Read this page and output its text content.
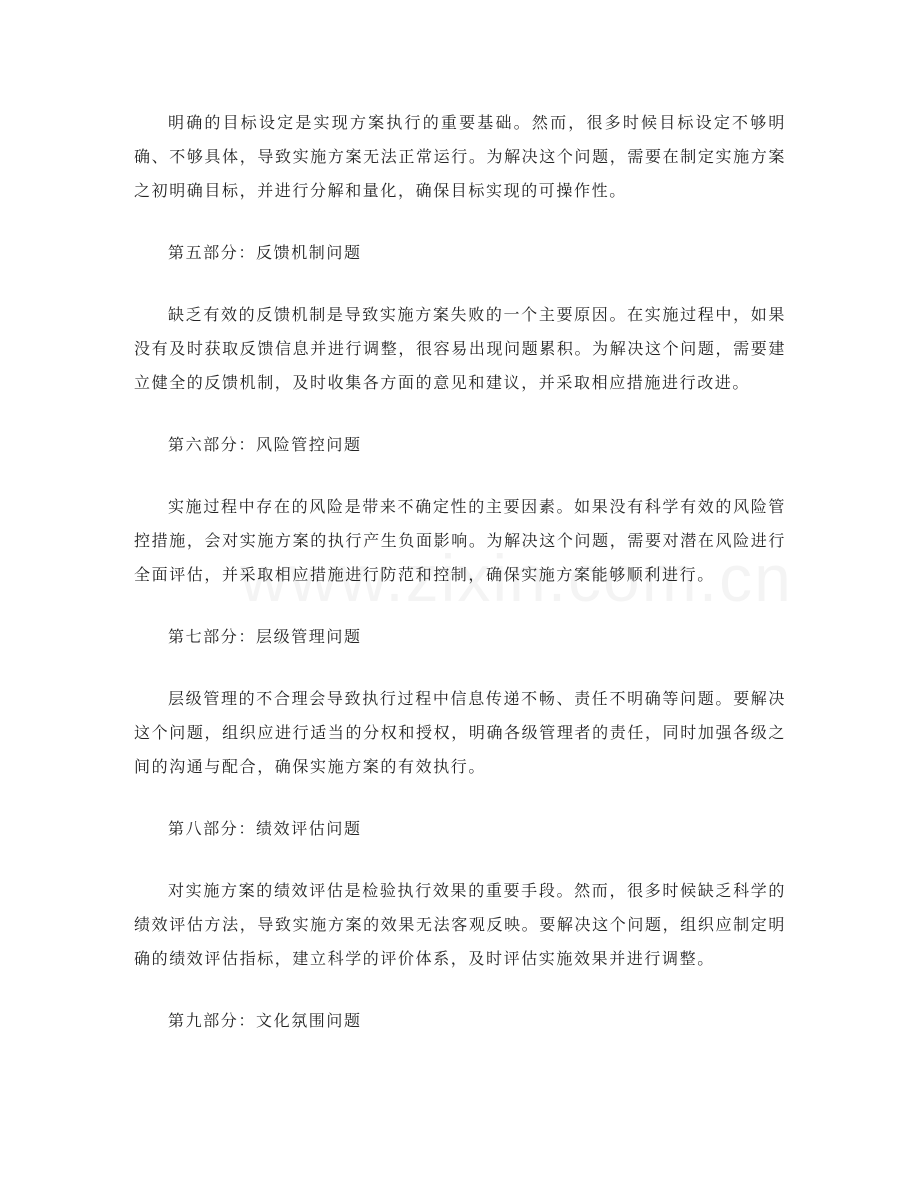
明确的目标设定是实现方案执行的重要基础。然而，很多时候目标设定不够明确、不够具体，导致实施方案无法正常运行。为解决这个问题，需要在制定实施方案之初明确目标，并进行分解和量化，确保目标实现的可操作性。

第五部分：反馈机制问题

缺乏有效的反馈机制是导致实施方案失败的一个主要原因。在实施过程中，如果没有及时获取反馈信息并进行调整，很容易出现问题累积。为解决这个问题，需要建立健全的反馈机制，及时收集各方面的意见和建议，并采取相应措施进行改进。

第六部分：风险管控问题

实施过程中存在的风险是带来不确定性的主要因素。如果没有科学有效的风险管控措施，会对实施方案的执行产生负面影响。为解决这个问题，需要对潜在风险进行全面评估，并采取相应措施进行防范和控制，确保实施方案能够顺利进行。

第七部分：层级管理问题

层级管理的不合理会导致执行过程中信息传递不畅、责任不明确等问题。要解决这个问题，组织应进行适当的分权和授权，明确各级管理者的责任，同时加强各级之间的沟通与配合，确保实施方案的有效执行。

第八部分：绩效评估问题

对实施方案的绩效评估是检验执行效果的重要手段。然而，很多时候缺乏科学的绩效评估方法，导致实施方案的效果无法客观反映。要解决这个问题，组织应制定明确的绩效评估指标，建立科学的评价体系，及时评估实施效果并进行调整。

第九部分：文化氛围问题
